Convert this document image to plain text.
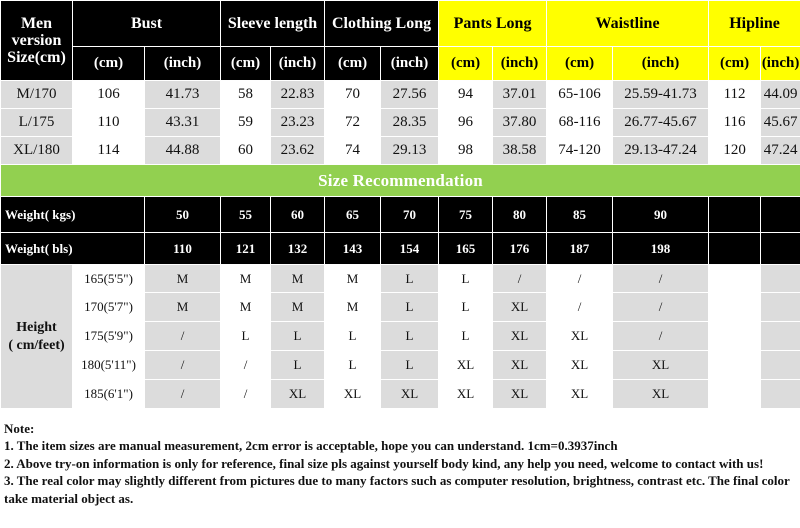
Men
version
Size(cm)	Bust		Sleeve length		Clothing Long		Pants Long		Waistline		Hipline	
	(cm)	(inch)	(cm)	(inch)	(cm)	(inch)	(cm)	(inch)	(cm)	(inch)	(cm)	(inch)
M/170	106	41.73	58	22.83	70	27.56	94	37.01	65-106	25.59-41.73	112	44.09
L/175	110	43.31	59	23.23	72	28.35	96	37.80	68-116	26.77-45.67	116	45.67
XL/180	114	44.88	60	23.62	74	29.13	98	38.58	74-120	29.13-47.24	120	47.24
Size Recommendation												
Weight( kgs)		50	55	60	65	70	75	80	85	90		
Weight( bls)		110	121	132	143	154	165	176	187	198		

Height
( cm/feet)	165(5'5")	M	M	M	M	L	L	/	/	/		
	170(5'7")	M	M	M	M	L	L	XL	/	/		
	175(5'9")	/	L	L	L	L	L	XL	XL	/		
	180(5'11")	/	/	L	L	L	XL	XL	XL	XL		
	185(6'1")	/	/	XL	XL	XL	XL	XL	XL	XL		
Note:
1. The item sizes are manual measurement, 2cm error is acceptable, hope you can understand. 1cm=0.3937inch
2. Above try-on information is only for reference, final size pls against yourself body kind, any help you need, welcome to contact with us!
3. The real color may slightly different from pictures due to many factors such as computer resolution, brightness, contrast etc. The final color take material object as.
